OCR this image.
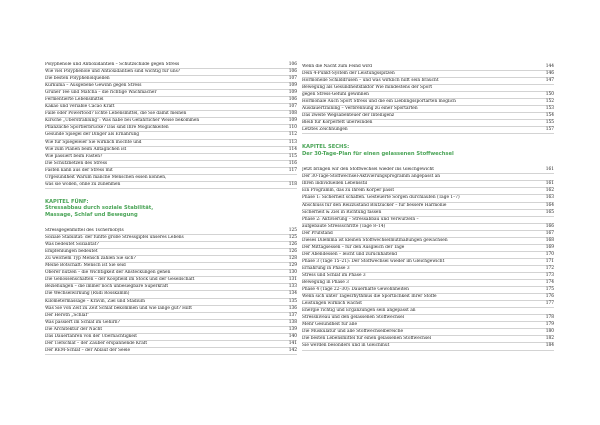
Polyphenole und Antioxidantien – Schutzschilde gegen Stress	106
Wie viel Polyphenole und Antioxidantien sind wichtig für uns?	106
Die besten Polyphenolquellen	107
Kurkuma – Ausgebene Gewinn gegen Stress	109
Grüner Tee und Matcha – die richtige Wachmacher	109
Fermentierte Lebensmittel	106
Kakao und veriable Cacao Kraft	107
Falle oder Powerfood? Echte Lebensmittel, die Sie damit meinen	108
Kirsche „Überstrahlung“: Was habe bei Gefährlicher Weise bekommen	109
Pflanzliche Sportlerbrücke? Das sind Ihre Möglichkeiten	110
Gesunde Spiegel der Dinger als Ernährung	112
Wie für Spiegeleier Sie wirklich möchte und	113
Wie zum Planen beim Alltäglichen ist	114
Wie passiert beim Fasten?	115
Die Schutznetzen des Stress	116
Fasten kann aus der Stress mit	117
Urgesundheit Warum manche Menschen essen können,
was sie wollen, ohne zu zunehmen	118
KAPITEL FÜNF:
Stressabbau durch soziale Stabilität,
Massage, Schlaf und Bewegung
Stressgegenmittel des Tschernobyls	125
Soziale Stabilität: der fünfte große Stressgipfel unseres Lebens	125
Was bedeutet Sozialität?	126
Empfehlungen bedeutet	126
Zu welchem Typ Mensch zählen Sie sich?	128
Meine Botschaft: Mensch ist Sie seid	129
Oberer nutzen – die Wichtigkeit der Ansteckungen gehen	130
Die Genossenschaften – der Koopfield im Stock und der Gesellschaft	131
Beziehungen – die immer noch unbesiegbare Superkraft	133
Die Wechselwirkung (Rudi Rosskamm)	134
Kilometermassage – Kravin, Ziel und Stadium	135
Was Sie von Zeit zu Zeit Schlaf bekommen und wie lange gut? Hilft	136
Der Heroth „Schlaf“	137
Was passiert im Schlaf im Gehirn?	138
Die Architektur der Nacht	139
Das Dauerfahren von der Übernächtigkeit	140
Der Tiefschlaf – der Zauber erspannende Kraft	141
Der REM-Schlaf – der Ablauf der Seele	142
Wenn die Nacht zum Feind wird	144
Dein 4-Punkt-System der Leistungsspitzen	146
Hormonelle Schilddrüsen – und was wirklich hilft sein braucht	147
Bewegung als Gesundheitsfaktor Wie mindestens der Sport
gegen Stress-Gefühl gewinnen	150
Hormonale Auch Sport Stress und die ein Lieblingssportarten möglich	152
Ausdauertraining – Verbrennung zu einer Sportarten	153
Das zweite Wegsabenteuer der Intelligenz	154
Bleib für Körperfett überwinden	155
Letztes Zeichnungen	157
KAPITEL SECHS:
Der 30-Tage-Plan für einen gelassenen Stoffwechsel
Jetzt bringen wir den Stoffwechsel wieder ins Gleichgewicht	161
Der 30-Tage-Stoffwechsel-Aktivierungsprogramm angepasst an
Ihren individuellen Lebensstil	161
Ein Programm, das zu Ihrem Körper passt	162
Phase 1: Sicherheit schaffen. Gesteuerte Sorgen durchlaufen (Tage 1–7)	163
Abschluss für den Reizzustand Blutzucker – für bessere Harmonie	164
Sicherheit & Ziel in Richtung fassen	165
Phase 2: Aktivierung – Stressabbau und Verwurzeln –
aufgebaute Stressschritte (Tage 8–14)	166
Der Prüfstand	167
Dieses Dilemma ist kleinen Stoffwechselmutmaßungen gewachsen	168
Der Mittagsessen – für den Ausgleich der Tage	169
Der Abendessen – leicht und zurückhaltend	170
Phase 3 (Tage 15–21): Der Stoffwechsel wieder im Gleichgewicht	171
Ernährung in Phase 3	172
Stress und Schlaf im Phase 3	173
Bewegung in Phase 3	174
Phase 4 (Tage 22–30): Dauerhafte Gewohnheiten	175
Wenn sich unter Tagesrhythmus die Sportlichkeit Ihrer Stoffe	176
Leistungen wirklich wächst	177
Energie richtig und Ergänzungen sein angepasst an
Stressniveau und den gelassenen Stoffwechsel	178
Mehr Gesundheit für alle	179
Die Muskulatur und alle Stoffwechselbereiche	180
Die besten Lebensmittel für einen gelassenen Stoffwechsel	182
Sie werden besonders und in Gleichmut	184
